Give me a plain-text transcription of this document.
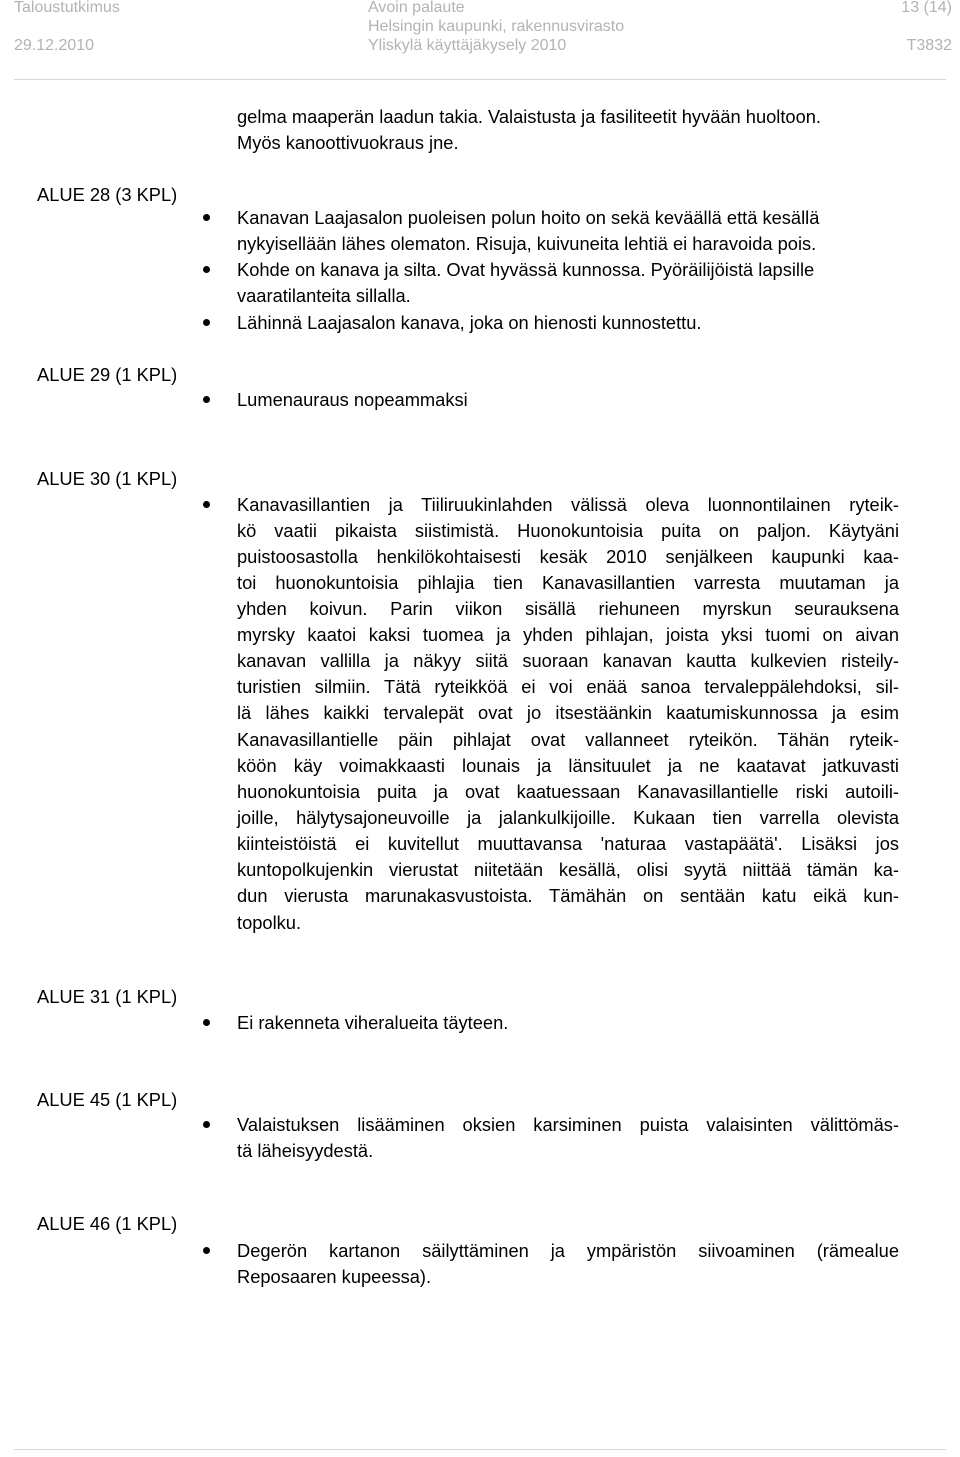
Taloustutkimus	Avoin palaute	13 (14)
29.12.2010
Helsingin kaupunki, rakennusvirasto
Yliskylä käyttäjäkysely 2010	T3832
gelma maaperän laadun takia. Valaistusta ja fasiliteetit hyvään huoltoon.
Myös kanoottivuokraus jne.
ALUE 28 (3 KPL)
Kanavan Laajasalon puoleisen polun hoito on sekä keväällä että kesällä
nykyisellään lähes olematon. Risuja, kuivuneita lehtiä ei haravoida pois.
Kohde on kanava ja silta. Ovat hyvässä kunnossa. Pyöräilijöistä lapsille
vaaratilanteita sillalla.
Lähinnä Laajasalon kanava, joka on hienosti kunnostettu.
ALUE 29 (1 KPL)
Lumenauraus nopeammaksi
ALUE 30 (1 KPL)
Kanavasillantien ja Tiiliruukinlahden välissä oleva luonnontilainen ryteik-
kö vaatii pikaista siistimistä. Huonokuntoisia puita on paljon. Käytyäni
puistoosastolla henkilökohtaisesti kesäk 2010 senjälkeen kaupunki kaa-
toi huonokuntoisia pihlajia tien Kanavasillantien varresta muutaman ja
yhden koivun. Parin viikon sisällä riehuneen myrskun seurauksena
myrsky kaatoi kaksi tuomea ja yhden pihlajan, joista yksi tuomi on aivan
kanavan vallilla ja näkyy siitä suoraan kanavan kautta kulkevien risteily-
turistien silmiin. Tätä ryteikköä ei voi enää sanoa tervaleppälehdoksi, sil-
lä lähes kaikki tervalepät ovat jo itsestäänkin kaatumiskunnossa ja esim
Kanavasillantielle päin pihlajat ovat vallanneet ryteikön. Tähän ryteik-
köön käy voimakkaasti lounais ja länsituulet ja ne kaatavat jatkuvasti
huonokuntoisia puita ja ovat kaatuessaan Kanavasillantielle riski autoili-
joille, hälytysajoneuvoille ja jalankulkijoille. Kukaan tien varrella olevista
kiinteistöistä ei kuvitellut muuttavansa 'naturaa vastapäätä'. Lisäksi jos
kuntopolkujenkin vierustat niitetään kesällä, olisi syytä niittää tämän ka-
dun vierusta marunakasvustoista. Tämähän on sentään katu eikä kun-
topolku.
ALUE 31 (1 KPL)
Ei rakenneta viheralueita täyteen.
ALUE 45 (1 KPL)
Valaistuksen lisääminen oksien karsiminen puista valaisinten välittömäs-
tä läheisyydestä.
ALUE 46 (1 KPL)
Degerön kartanon säilyttäminen ja ympäristön siivoaminen (rämealue
Reposaaren kupeessa).
